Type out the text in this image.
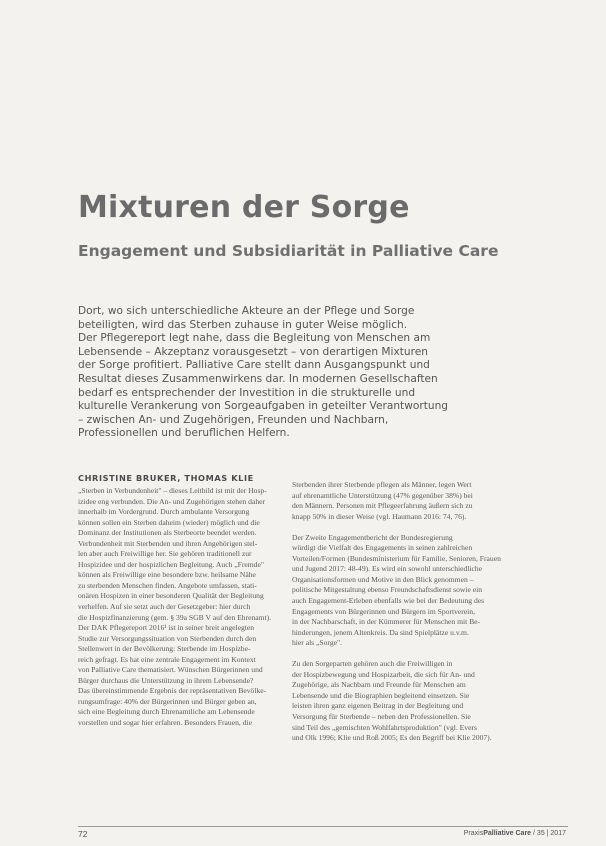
Mixturen der Sorge
Engagement und Subsidiarität in Palliative Care

Dort, wo sich unterschiedliche Akteure an der Pflege und Sorge

beteiligten, wird das Sterben zuhause in guter Weise möglich.

Der Pflegereport legt nahe, dass die Begleitung von Menschen am

Lebensende – Akzeptanz vorausgesetzt – von derartigen Mixturen

der Sorge profitiert. Palliative Care stellt dann Ausgangspunkt und

Resultat dieses Zusammenwirkens dar. In modernen Gesellschaften

bedarf es entsprechender der Investition in die strukturelle und

kulturelle Verankerung von Sorgeaufgaben in geteilter Verantwortung

– zwischen An- und Zugehörigen, Freunden und Nachbarn,

Professionellen und beruflichen Helfern.

CHRISTINE BRUKER, THOMAS KLIE

„Sterben in Verbundenheit" – dieses Leitbild ist mit der Hosp-

izidee eng verbunden. Die An- und Zugehörigen stehen daher

innerhalb im Vordergrund. Durch ambulante Versorgung

können sollen ein Sterben daheim (wieder) möglich und die

Dominanz der Institutionen als Sterbeorte beendet werden.

Verbundenheit mit Sterbenden und ihren Angehörigen stel-

len aber auch Freiwillige her. Sie gehören traditionell zur

Hospizidee und der hospizlichen Begleitung. Auch „Fremde"

können als Freiwillige eine besondere bzw. heilsame Nähe

zu sterbenden Menschen finden. Angebote umfassen, stati-

onären Hospizen in einer besonderen Qualität der Begleitung

verhelfen. Auf sie setzt auch der Gesetzgeber: hier durch

die Hospizfinanzierung (gem. § 39a SGB V auf den Ehrenamt).

Der DAK Pflegereport 2016¹ ist in seiner breit angelegten

Studie zur Versorgungssituation von Sterbenden durch den

Stellenwert in der Bevölkerung: Sterbende im Hospizbe-

reich gefragt. Es hat eine zentrale Engagement im Kontext

von Palliative Care thematisiert. Wünschen Bürgerinnen und

Bürger durchaus die Unterstützung in ihrem Lebensende?

Das übereinstimmende Ergebnis der repräsentativen Bevölke-

rungsumfrage: 40% der Bürgerinnen und Bürger geben an,

sich eine Begleitung durch Ehrenamtliche am Lebensende

vorstellen und sogar hier erfahren. Besonders Frauen, die

Sterbenden ihrer Sterbende pflegen als Männer, legen Wert

auf ehrenamtliche Unterstützung (47% gegenüber 38%) bei

den Männern. Personen mit Pflegeerfahrung äußern sich zu

knapp 50% in dieser Weise (vgl. Haumann 2016: 74, 76).

Der Zweite Engagementbericht der Bundesregierung

würdigt die Vielfalt des Engagements in seinen zahlreichen

Vorteilen/Formen (Bundesministerium für Familie, Senioren, Frauen

und Jugend 2017: 48-49). Es wird ein sowohl unterschiedliche

Organisationsformen und Motive in den Blick genommen –

politische Mitgestaltung ebenso Freundschaftsdienst sowie ein

auch Engagement-Erleben ebenfalls wie bei der Bedeutung des

Engagements von Bürgerinnen und Bürgern im Sportverein,

in der Nachbarschaft, in der Kümmerer für Menschen mit Be-

hinderungen, jenem Altenkreis. Da sind Spielplätze u.v.m.

hier als „Sorge".

Zu den Sorgeparten gehören auch die Freiwilligen in

der Hospizbewegung und Hospizarbeit, die sich für An- und

Zugehörige, als Nachbarn und Freunde für Menschen am

Lebensende und die Biographien begleitend einsetzen. Sie

leisten ihren ganz eigenen Beitrag in der Begleitung und

Versorgung für Sterbende – neben den Professionellen. Sie

sind Teil des „gemischten Wohlfahrtsproduktion" (vgl. Evers

und Olk 1996; Klie und Roß 2005; Es den Begriff bei Klie 2007).

72	PraxisPalliative Care / 35 | 2017
